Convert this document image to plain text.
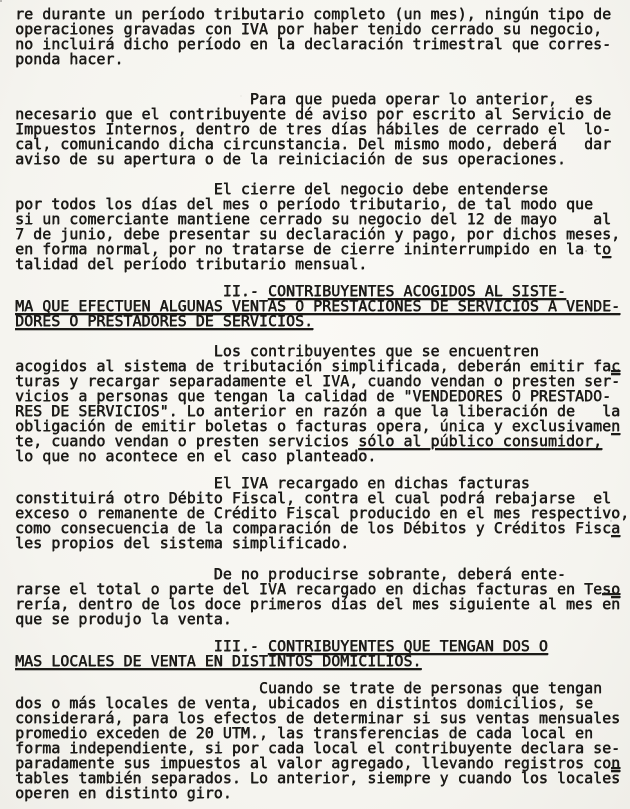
re durante un período tributario completo (un mes), ningún tipo de
operaciones gravadas con IVA por haber tenido cerrado su negocio,
no incluirá dicho período en la declaración trimestral que corres-
ponda hacer.
Para que pueda operar lo anterior,  es
necesario que el contribuyente dé aviso por escrito al Servicio de
Impuestos Internos, dentro de tres días hábiles de cerrado el  lo-
cal, comunicando dicha circunstancia. Del mismo modo, deberá   dar
aviso de su apertura o de la reiniciación de sus operaciones.
El cierre del negocio debe entenderse
por todos los días del mes o período tributario, de tal modo que
si un comerciante mantiene cerrado su negocio del 12 de mayo    al
7 de junio, debe presentar su declaración y pago, por dichos meses,
en forma normal, por no tratarse de cierre ininterrumpido en la to
talidad del período tributario mensual.
II.- CONTRIBUYENTES ACOGIDOS AL SISTE-
MA QUE EFECTUEN ALGUNAS VENTAS O PRESTACIONES DE SERVICIOS A VENDE-
DORES O PRESTADORES DE SERVICIOS.
Los contribuyentes que se encuentren
acogidos al sistema de tributación simplificada, deberán emitir fac
turas y recargar separadamente el IVA, cuando vendan o presten ser-
vicios a personas que tengan la calidad de "VENDEDORES O PRESTADO-
RES DE SERVICIOS". Lo anterior en razón a que la liberación de   la
obligación de emitir boletas o facturas opera, única y exclusivamen
te, cuando vendan o presten servicios sólo al público consumidor,
lo que no acontece en el caso planteado.
El IVA recargado en dichas facturas
constituirá otro Débito Fiscal, contra el cual podrá rebajarse  el
exceso o remanente de Crédito Fiscal producido en el mes respectivo,
como consecuencia de la comparación de los Débitos y Créditos Fisca
les propios del sistema simplificado.
De no producirse sobrante, deberá ente-
rarse el total o parte del IVA recargado en dichas facturas en Teso
rería, dentro de los doce primeros días del mes siguiente al mes $\overline{en}$
que se produjo la venta.
III.- CONTRIBUYENTES QUE TENGAN DOS O
MAS LOCALES DE VENTA EN DISTINTOS DOMICILIOS.
Cuando se trate de personas que tengan
dos o más locales de venta, ubicados en distintos domicilios, se
considerará, para los efectos de determinar si sus ventas mensuales
promedio exceden de 20 UTM., las transferencias de cada local en
forma independiente, si por cada local el contribuyente declara se-
paradamente sus impuestos al valor agregado, llevando registros con
tables también separados. Lo anterior, siempre y cuando los $locale\overline{s}$
operen en distinto giro.
